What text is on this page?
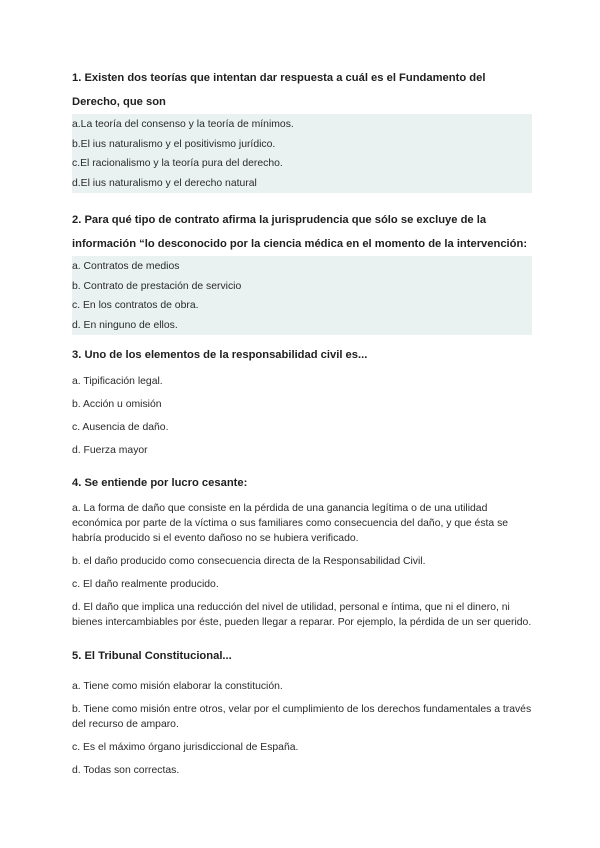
1. Existen dos teorías que intentan dar respuesta a cuál es el Fundamento del Derecho, que son

a.La teoría del consenso y la teoría de mínimos.

b.El ius naturalismo y el positivismo jurídico.

c.El racionalismo y la teoría pura del derecho.

d.El ius naturalismo y el derecho natural

2. Para qué tipo de contrato afirma la jurisprudencia que sólo se excluye de la información “lo desconocido por la ciencia médica en el momento de la intervención:

a. Contratos de medios

b. Contrato de prestación de servicio

c. En los contratos de obra.

d. En ninguno de ellos.

3. Uno de los elementos de la responsabilidad civil es...

a. Tipificación legal.

b. Acción u omisión

c. Ausencia de daño.

d. Fuerza mayor

4. Se entiende por lucro cesante:

a. La forma de daño que consiste en la pérdida de una ganancia legítima o de una utilidad económica por parte de la víctima o sus familiares como consecuencia del daño, y que ésta se habría producido si el evento dañoso no se hubiera verificado.

b. el daño producido como consecuencia directa de la Responsabilidad Civil.

c. El daño realmente producido.

d. El daño que implica una reducción del nivel de utilidad, personal e íntima, que ni el dinero, ni bienes intercambiables por éste, pueden llegar a reparar. Por ejemplo, la pérdida de un ser querido.

5. El Tribunal Constitucional...

a. Tiene como misión elaborar la constitución.

b. Tiene como misión entre otros, velar por el cumplimiento de los derechos fundamentales a través del recurso de amparo.

c. Es el máximo órgano jurisdiccional de España.

d. Todas son correctas.
